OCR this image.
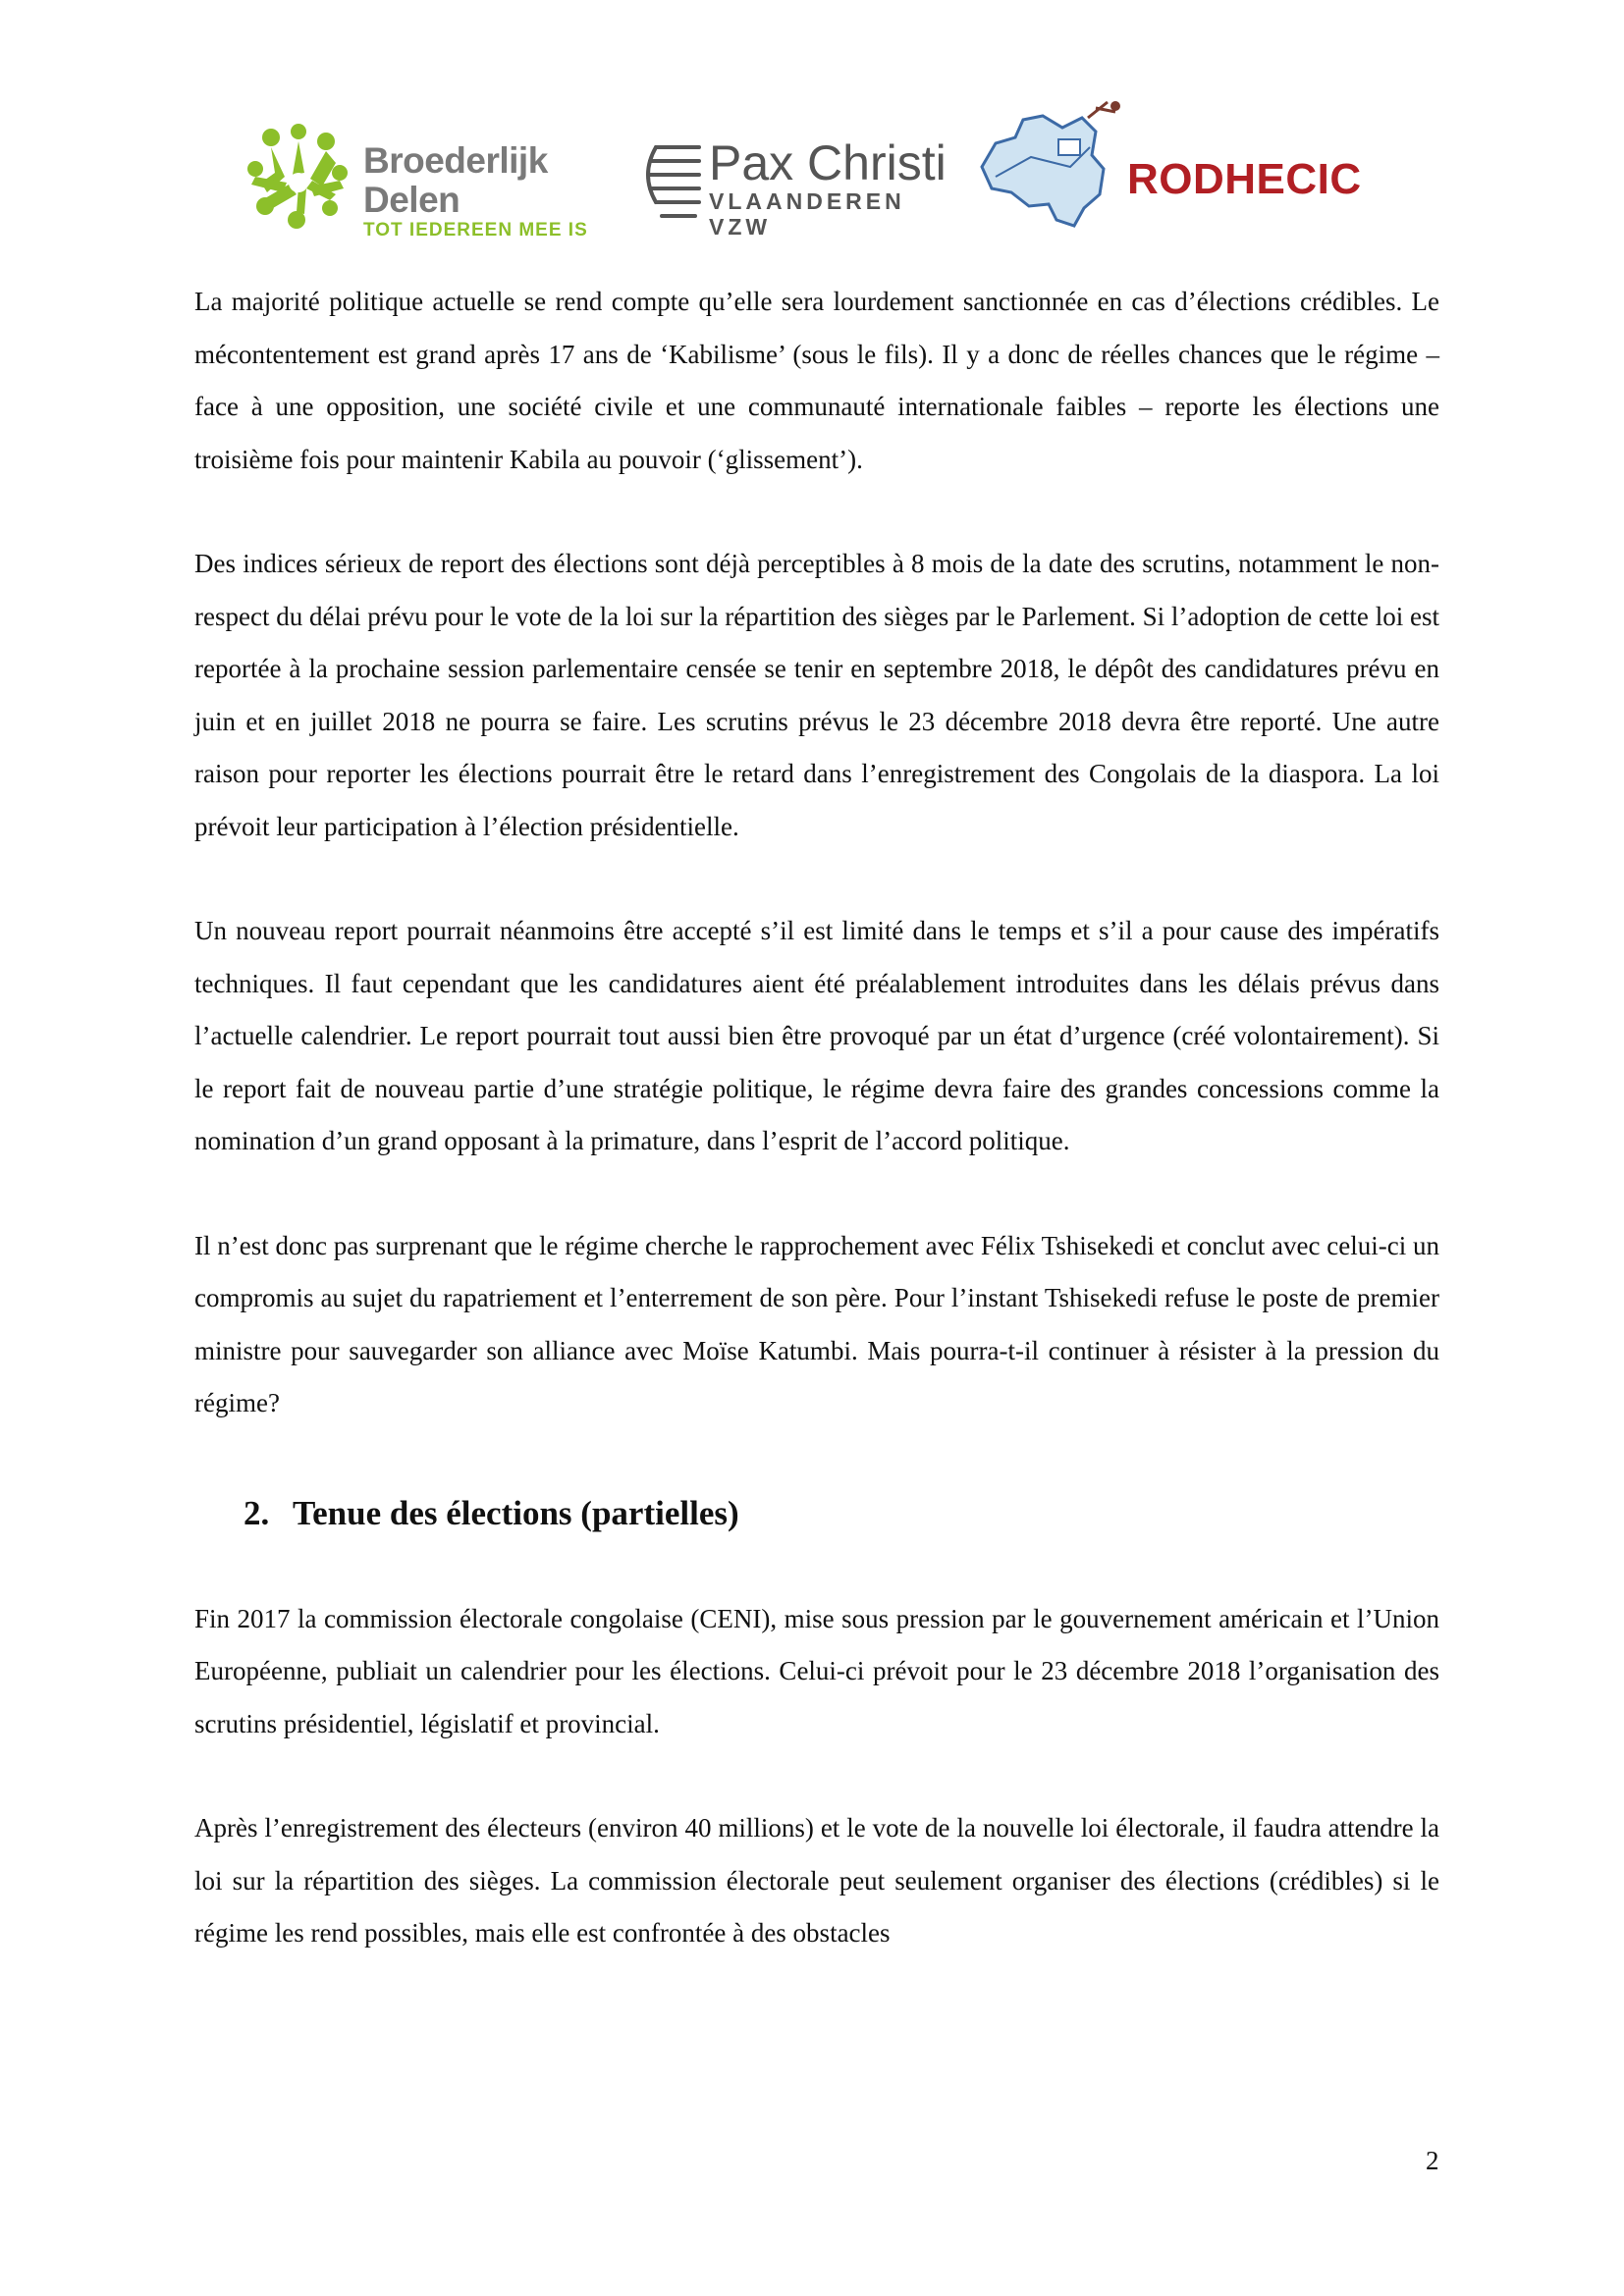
Broederlijk Delen
TOT IEDEREEN MEE IS
Pax Christi
VLAANDEREN VZW
RODHECIC

La majorité politique actuelle se rend compte qu’elle sera lourdement sanctionnée en cas d’élections crédibles. Le mécontentement est grand après 17 ans de ‘Kabilisme’ (sous le fils). Il y a donc de réelles chances que le régime – face à une opposition, une société civile et une communauté internationale faibles – reporte les élections une troisième fois pour maintenir Kabila au pouvoir (‘glissement’).

Des indices sérieux de report des élections sont déjà perceptibles à 8 mois de la date des scrutins, notamment le non-respect du délai prévu pour le vote de la loi sur la répartition des sièges par le Parlement. Si l’adoption de cette loi est reportée à la prochaine session parlementaire censée se tenir en septembre 2018, le dépôt des candidatures prévu en juin et en juillet 2018 ne pourra se faire. Les scrutins prévus le 23 décembre 2018 devra être reporté. Une autre raison pour reporter les élections pourrait être le retard dans l’enregistrement des Congolais de la diaspora. La loi prévoit leur participation à l’élection présidentielle.

Un nouveau report pourrait néanmoins être accepté s’il est limité dans le temps et s’il a pour cause des impératifs techniques. Il faut cependant que les candidatures aient été préalablement introduites dans les délais prévus dans l’actuelle calendrier. Le report pourrait tout aussi bien être provoqué par un état d’urgence (créé volontairement). Si le report fait de nouveau partie d’une stratégie politique, le régime devra faire des grandes concessions comme la nomination d’un grand opposant à la primature, dans l’esprit de l’accord politique.

Il n’est donc pas surprenant que le régime cherche le rapprochement avec Félix Tshisekedi et conclut avec celui-ci un compromis au sujet du rapatriement et l’enterrement de son père. Pour l’instant Tshisekedi refuse le poste de premier ministre pour sauvegarder son alliance avec Moïse Katumbi. Mais pourra-t-il continuer à résister à la pression du régime?

2. Tenue des élections (partielles)

Fin 2017 la commission électorale congolaise (CENI), mise sous pression par le gouvernement américain et l’Union Européenne, publiait un calendrier pour les élections. Celui-ci prévoit pour le 23 décembre 2018 l’organisation des scrutins présidentiel, législatif et provincial.

Après l’enregistrement des électeurs (environ 40 millions) et le vote de la nouvelle loi électorale, il faudra attendre la loi sur la répartition des sièges. La commission électorale peut seulement organiser des élections (crédibles) si le régime les rend possibles, mais elle est confrontée à des obstacles

2
